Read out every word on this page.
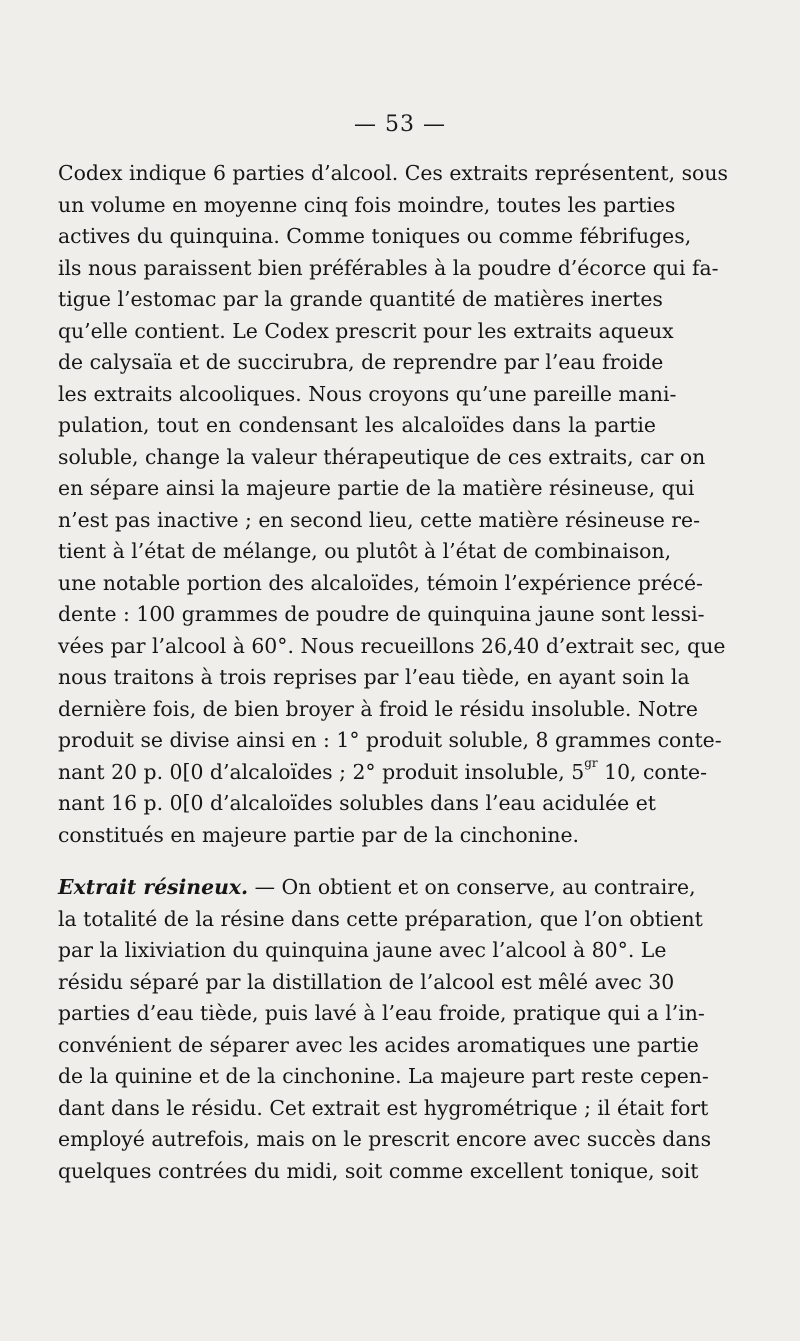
— 53 —
Codex indique 6 parties d’alcool. Ces extraits représentent, sous
un volume en moyenne cinq fois moindre, toutes les parties
actives du quinquina. Comme toniques ou comme fébrifuges,
ils nous paraissent bien préférables à la poudre d’écorce qui fa-
tigue l’estomac par la grande quantité de matières inertes
qu’elle contient. Le Codex prescrit pour les extraits aqueux
de calysaïa et de succirubra, de reprendre par l’eau froide
les extraits alcooliques. Nous croyons qu’une pareille mani-
pulation, tout en condensant les alcaloïdes dans la partie
soluble, change la valeur thérapeutique de ces extraits, car on
en sépare ainsi la majeure partie de la matière résineuse, qui
n’est pas inactive ; en second lieu, cette matière résineuse re-
tient à l’état de mélange, ou plutôt à l’état de combinaison,
une notable portion des alcaloïdes, témoin l’expérience précé-
dente : 100 grammes de poudre de quinquina jaune sont lessi-
vées par l’alcool à 60°. Nous recueillons 26,40 d’extrait sec, que
nous traitons à trois reprises par l’eau tiède, en ayant soin la
dernière fois, de bien broyer à froid le résidu insoluble. Notre
produit se divise ainsi en : 1° produit soluble, 8 grammes conte-
nant 20 p. 0[0 d’alcaloïdes ; 2° produit insoluble, $5^{gr}$ 10, conte-
nant 16 p. 0[0 d’alcaloïdes solubles dans l’eau acidulée et
constitués en majeure partie par de la cinchonine.
Extrait résineux. — On obtient et on conserve, au contraire,
la totalité de la résine dans cette préparation, que l’on obtient
par la lixiviation du quinquina jaune avec l’alcool à 80°. Le
résidu séparé par la distillation de l’alcool est mêlé avec 30
parties d’eau tiède, puis lavé à l’eau froide, pratique qui a l’in-
convénient de séparer avec les acides aromatiques une partie
de la quinine et de la cinchonine. La majeure part reste cepen-
dant dans le résidu. Cet extrait est hygrométrique ; il était fort
employé autrefois, mais on le prescrit encore avec succès dans
quelques contrées du midi, soit comme excellent tonique, soit
